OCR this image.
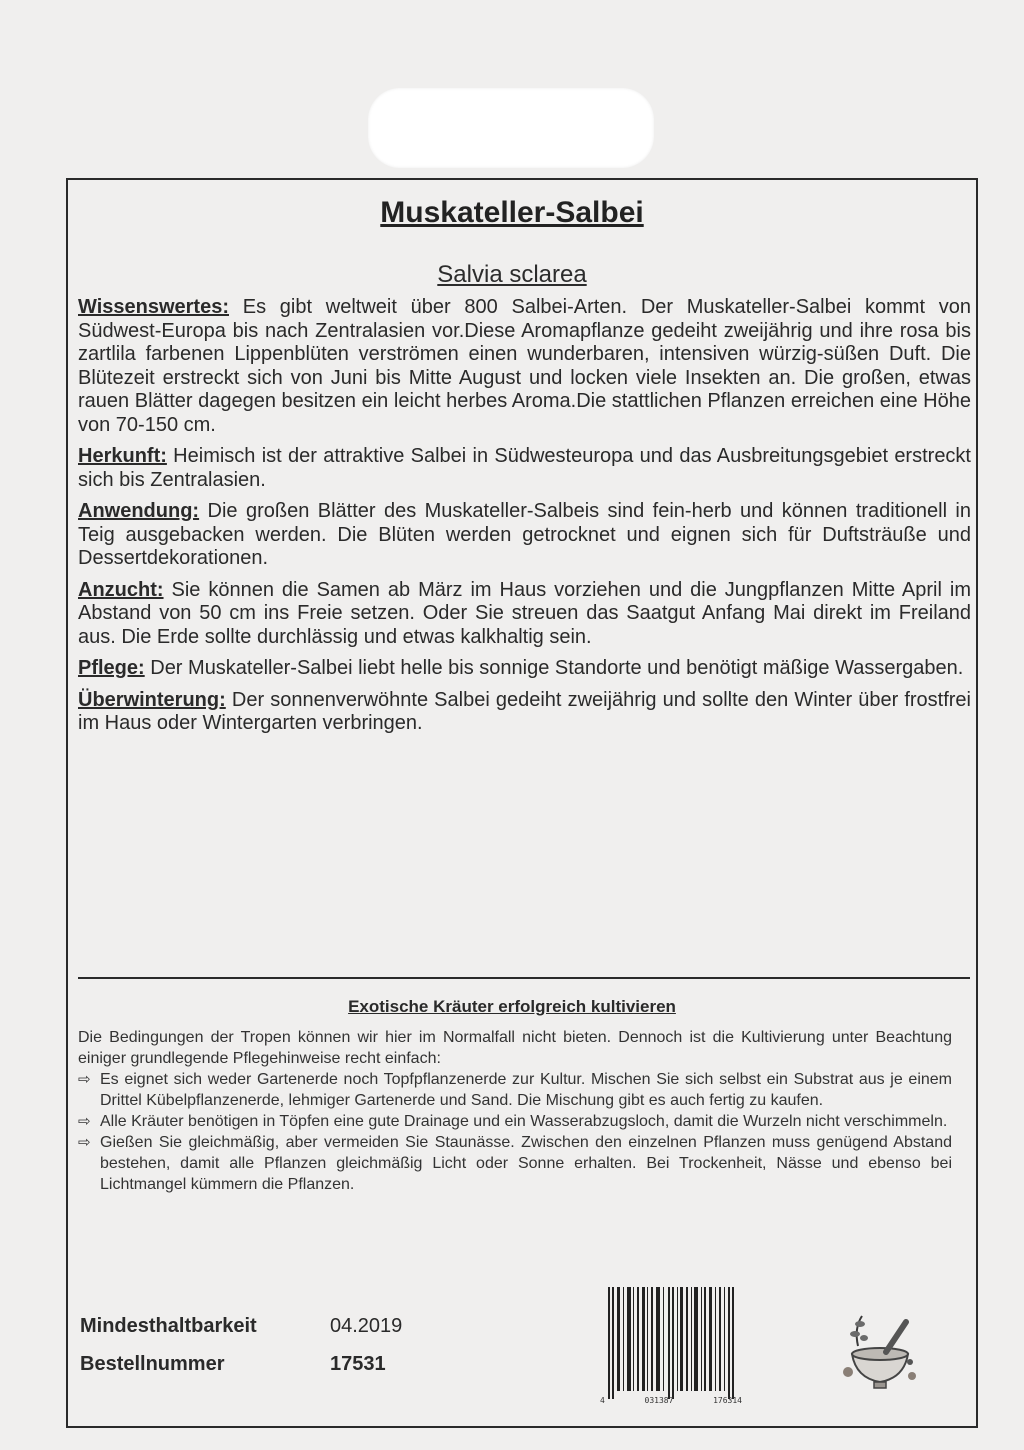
Muskateller-Salbei
Salvia sclarea

Wissenswertes: Es gibt weltweit über 800 Salbei-Arten. Der Muskateller-Salbei kommt von Südwest-Europa bis nach Zentralasien vor.Diese Aromapflanze gedeiht zweijährig und ihre rosa bis zartlila farbenen Lippenblüten verströmen einen wunderbaren, intensiven würzig-süßen Duft. Die Blütezeit erstreckt sich von Juni bis Mitte August und locken viele Insekten an. Die großen, etwas rauen Blätter dagegen besitzen ein leicht herbes Aroma.Die stattlichen Pflanzen erreichen eine Höhe von 70-150 cm.

Herkunft: Heimisch ist der attraktive Salbei in Südwesteuropa und das Ausbreitungsgebiet erstreckt sich bis Zentralasien.

Anwendung: Die großen Blätter des Muskateller-Salbeis sind fein-herb und können traditionell in Teig ausgebacken werden. Die Blüten werden getrocknet und eignen sich für Duftsträuße und Dessertdekorationen.

Anzucht: Sie können die Samen ab März im Haus vorziehen und die Jungpflanzen Mitte April im Abstand von 50 cm ins Freie setzen. Oder Sie streuen das Saatgut Anfang Mai direkt im Freiland aus. Die Erde sollte durchlässig und etwas kalkhaltig sein.

Pflege: Der Muskateller-Salbei liebt helle bis sonnige Standorte und benötigt mäßige Wassergaben.

Überwinterung: Der sonnenverwöhnte Salbei gedeiht zweijährig und sollte den Winter über frostfrei im Haus oder Wintergarten verbringen.

Exotische Kräuter erfolgreich kultivieren

Die Bedingungen der Tropen können wir hier im Normalfall nicht bieten. Dennoch ist die Kultivierung unter Beachtung einiger grundlegende Pflegehinweise recht einfach:

⇨ Es eignet sich weder Gartenerde noch Topfpflanzenerde zur Kultur. Mischen Sie sich selbst ein Substrat aus je einem Drittel Kübelpflanzenerde, lehmiger Gartenerde und Sand. Die Mischung gibt es auch fertig zu kaufen.
⇨ Alle Kräuter benötigen in Töpfen eine gute Drainage und ein Wasserabzugsloch, damit die Wurzeln nicht verschimmeln.
⇨ Gießen Sie gleichmäßig, aber vermeiden Sie Staunässe. Zwischen den einzelnen Pflanzen muss genügend Abstand bestehen, damit alle Pflanzen gleichmäßig Licht oder Sonne erhalten. Bei Trockenheit, Nässe und ebenso bei Lichtmangel kümmern die Pflanzen.
Mindesthaltbarkeit	04.2019
Bestellnummer	17531
4	031387	176314
